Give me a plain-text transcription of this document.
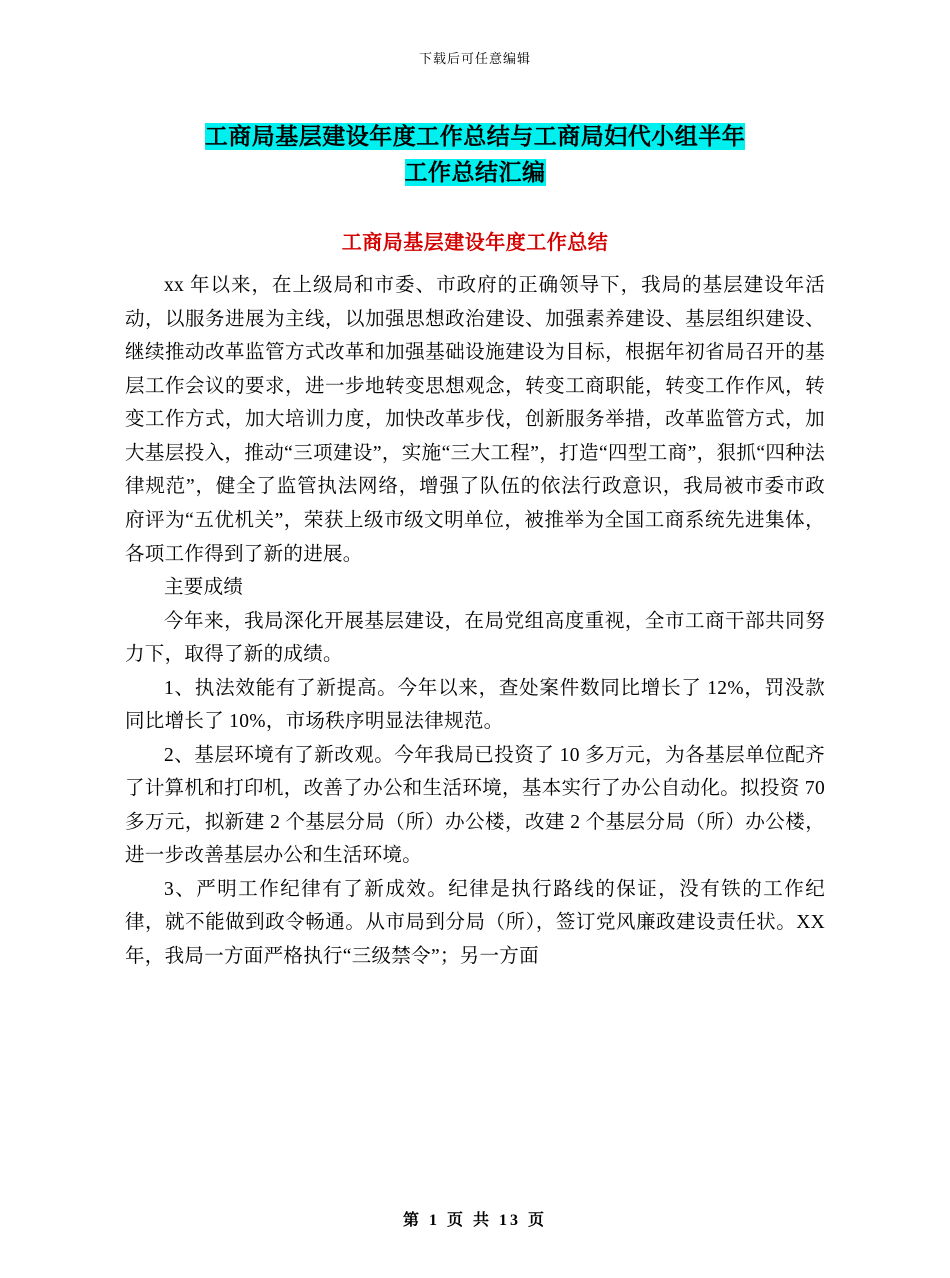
下载后可任意编辑
工商局基层建设年度工作总结与工商局妇代小组半年
工作总结汇编
工商局基层建设年度工作总结

xx 年以来，在上级局和市委、市政府的正确领导下，我局的基层建设年活动，以服务进展为主线，以加强思想政治建设、加强素养建设、基层组织建设、继续推动改革监管方式改革和加强基础设施建设为目标，根据年初省局召开的基层工作会议的要求，进一步地转变思想观念，转变工商职能，转变工作作风，转变工作方式，加大培训力度，加快改革步伐，创新服务举措，改革监管方式，加大基层投入，推动“三项建设”，实施“三大工程”，打造“四型工商”，狠抓“四种法律规范”，健全了监管执法网络，增强了队伍的依法行政意识，我局被市委市政府评为“五优机关”，荣获上级市级文明单位，被推举为全国工商系统先进集体，各项工作得到了新的进展。

主要成绩

今年来，我局深化开展基层建设，在局党组高度重视，全市工商干部共同努力下，取得了新的成绩。

1、执法效能有了新提高。今年以来，查处案件数同比增长了 12%，罚没款同比增长了 10%，市场秩序明显法律规范。

2、基层环境有了新改观。今年我局已投资了 10 多万元，为各基层单位配齐了计算机和打印机，改善了办公和生活环境，基本实行了办公自动化。拟投资 70 多万元，拟新建 2 个基层分局（所）办公楼，改建 2 个基层分局（所）办公楼，进一步改善基层办公和生活环境。

3、严明工作纪律有了新成效。纪律是执行路线的保证，没有铁的工作纪律，就不能做到政令畅通。从市局到分局（所），签订党风廉政建设责任状。XX 年，我局一方面严格执行“三级禁令”；另一方面

第 1 页 共 13 页
